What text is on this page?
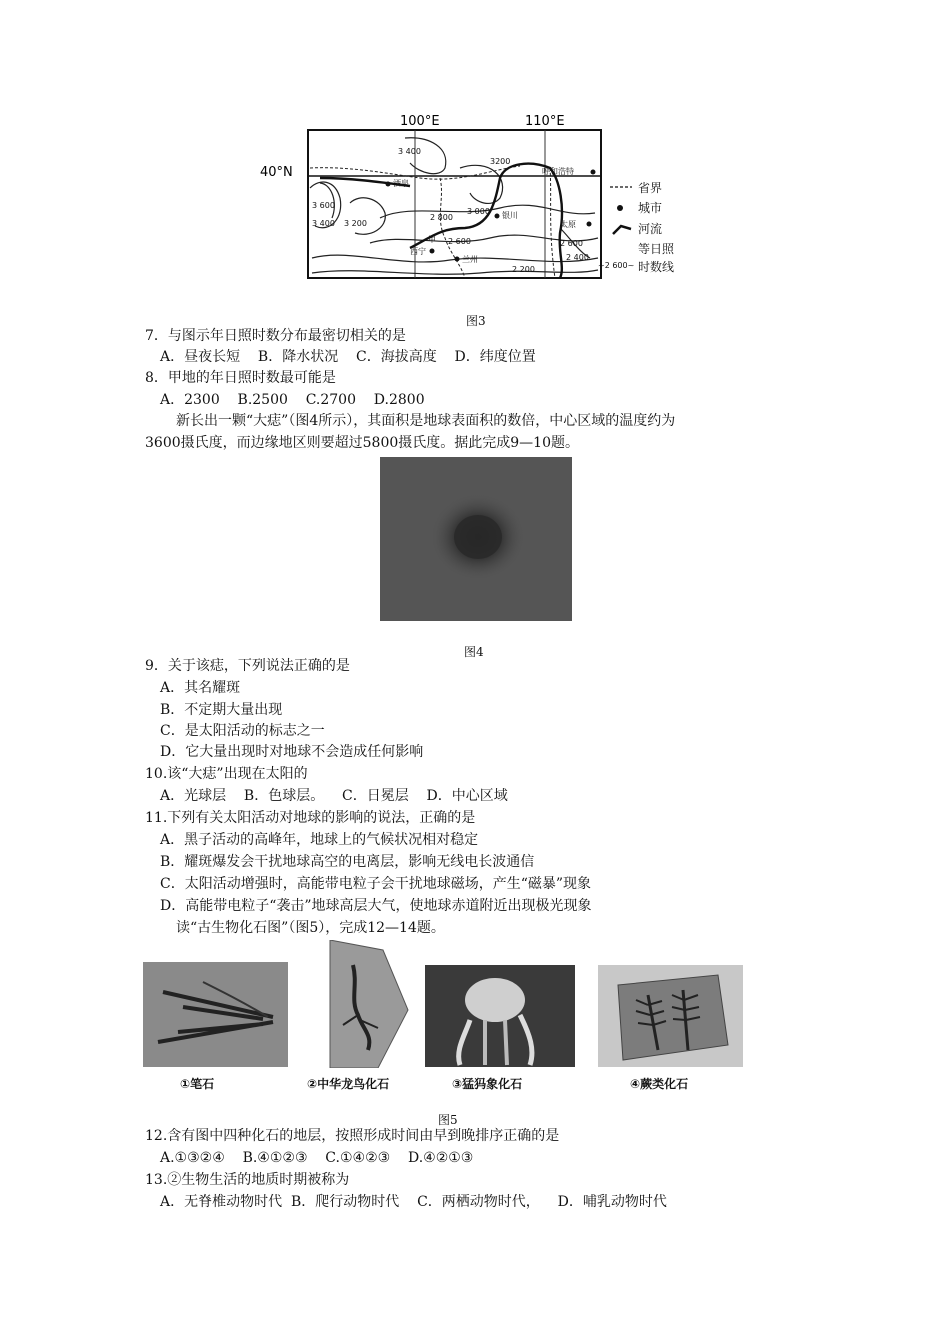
100°E	110°E
40°N
3 400
3200
3 600
3 400 3 200
2 800
3 000
2 600
2 200
2 400
2 600
酒泉
呼和浩特
银川
太原
西宁
兰州
甲
省界
城市
河流
等日照
~2 600~ 时数线
图3
7．与图示年日照时数分布最密切相关的是
A．昼夜长短    B．降水状况    C．海拔高度    D．纬度位置
8．甲地的年日照时数最可能是
A．2300    B.2500    C.2700    D.2800
新长出一颗“大痣”（图4所示），其面积是地球表面积的数倍，中心区域的温度约为
3600摄氏度，而边缘地区则要超过5800摄氏度。据此完成9—10题。
图4
9．关于该痣，下列说法正确的是
A．其名耀斑
B．不定期大量出现
C．是太阳活动的标志之一
D．它大量出现时对地球不会造成任何影响
10.该“大痣”出现在太阳的
A．光球层    B．色球层。    C．日冕层    D．中心区域
11.下列有关太阳活动对地球的影响的说法，正确的是
A．黑子活动的高峰年，地球上的气候状况相对稳定
B．耀斑爆发会干扰地球高空的电离层，影响无线电长波通信
C．太阳活动增强时，高能带电粒子会干扰地球磁场，产生“磁暴”现象
D．高能带电粒子“袭击”地球高层大气，使地球赤道附近出现极光现象
读“古生物化石图”（图5），完成12—14题。
①笔石	②中华龙鸟化石	③猛犸象化石	④蕨类化石
图5
12.含有图中四种化石的地层，按照形成时间由早到晚排序正确的是
A.①③②④    B.④①②③    C.①④②③    D.④②①③
13.②生物生活的地质时期被称为
A．无脊椎动物时代  B．爬行动物时代    C．两栖动物时代，    D．哺乳动物时代
